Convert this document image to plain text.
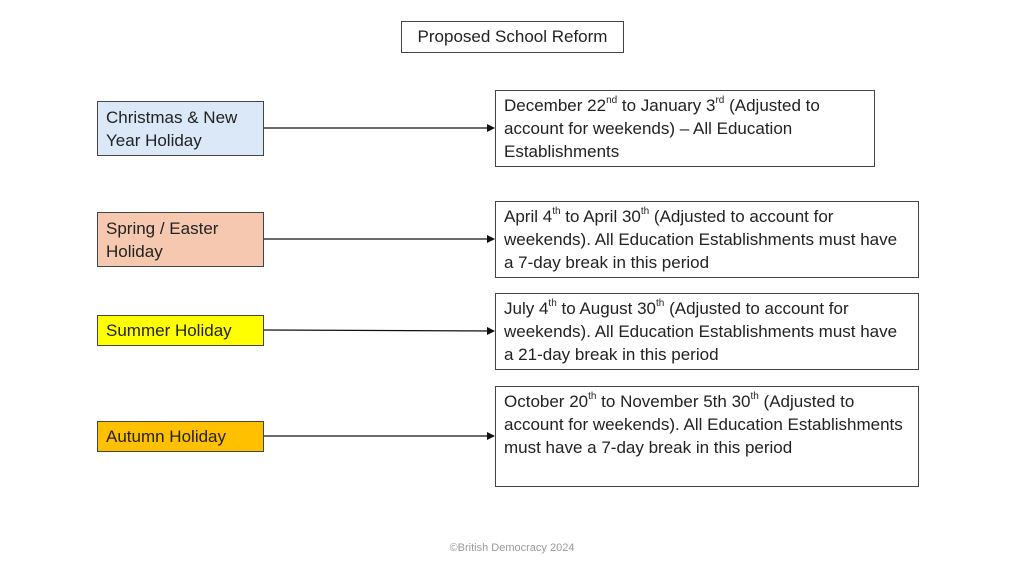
Proposed School Reform
Christmas & New Year Holiday
Spring / Easter Holiday
Summer Holiday
Autumn Holiday
December 22nd to January 3rd (Adjusted to account for weekends) – All Education Establishments
April 4th to April 30th (Adjusted to account for weekends). All Education Establishments must have a 7-day break in this period
July 4th to August 30th (Adjusted to account for weekends). All Education Establishments must have a 21-day break in this period
October 20th to November 5th 30th (Adjusted to account for weekends). All Education Establishments must have a 7-day break in this period
©British Democracy 2024
